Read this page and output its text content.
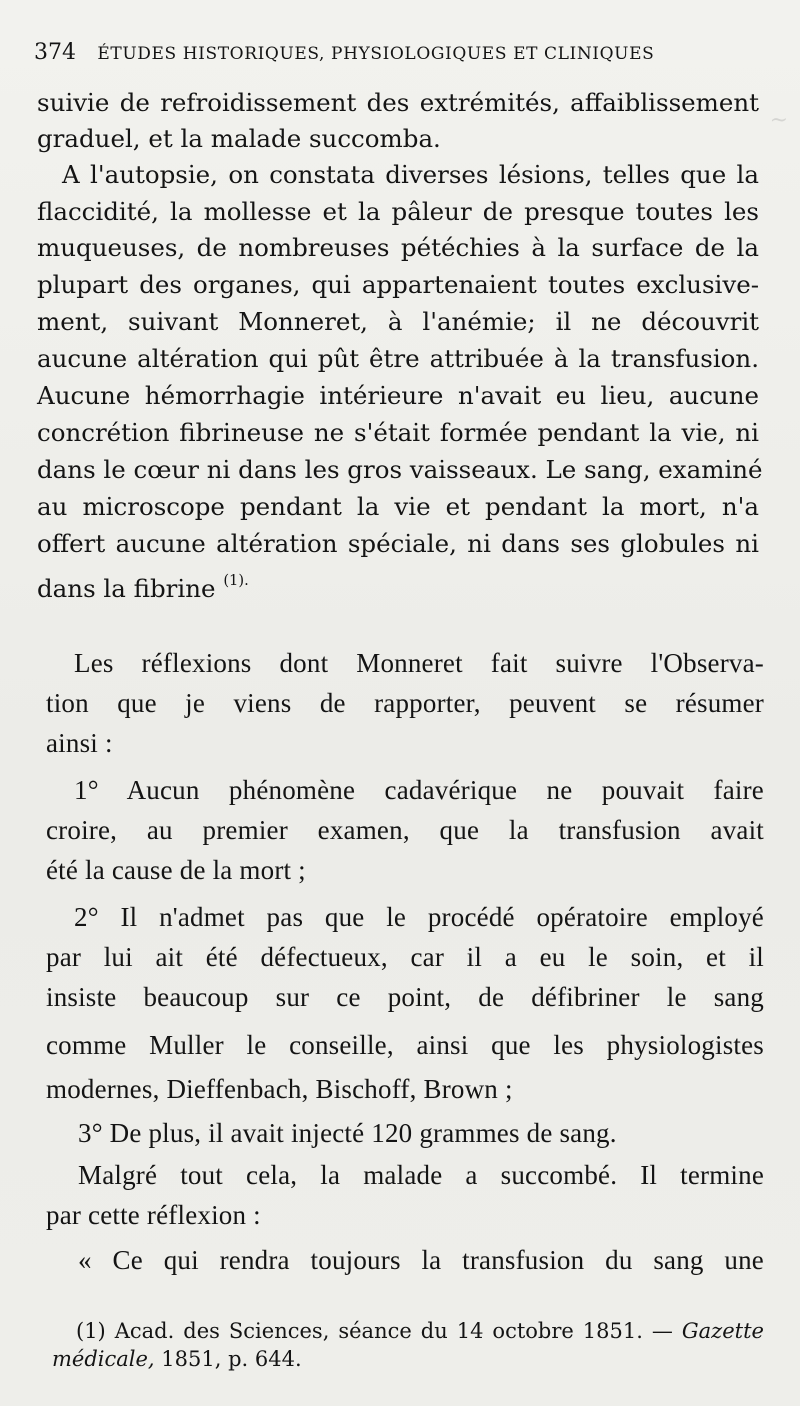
374 ÉTUDES HISTORIQUES, PHYSIOLOGIQUES ET CLINIQUES
suivie de refroidissement des extrémités, affaiblissement
graduel, et la malade succomba.
A l'autopsie, on constata diverses lésions, telles que la
flaccidité, la mollesse et la pâleur de presque toutes les
muqueuses, de nombreuses pétéchies à la surface de la
plupart des organes, qui appartenaient toutes exclusive-
ment, suivant Monneret, à l'anémie; il ne découvrit
aucune altération qui pût être attribuée à la transfusion.
Aucune hémorrhagie intérieure n'avait eu lieu, aucune
concrétion fibrineuse ne s'était formée pendant la vie, ni
dans le cœur ni dans les gros vaisseaux. Le sang, examiné
au microscope pendant la vie et pendant la mort, n'a
offert aucune altération spéciale, ni dans ses globules ni
dans la fibrine $^{(1).}$
~
Les réflexions dont Monneret fait suivre l'Observa-
tion que je viens de rapporter, peuvent se résumer
ainsi :
1° Aucun phénomène cadavérique ne pouvait faire
croire, au premier examen, que la transfusion avait
été la cause de la mort ;
2° Il n'admet pas que le procédé opératoire employé
par lui ait été défectueux, car il a eu le soin, et il
insiste beaucoup sur ce point, de défibriner le sang
comme Muller le conseille, ainsi que les physiologistes
modernes, Dieffenbach, Bischoff, Brown ;
3° De plus, il avait injecté 120 grammes de sang.
Malgré tout cela, la malade a succombé. Il termine
par cette réflexion :
« Ce qui rendra toujours la transfusion du sang une
(1) Acad. des Sciences, séance du 14 octobre 1851. — Gazette
médicale, 1851, p. 644.
